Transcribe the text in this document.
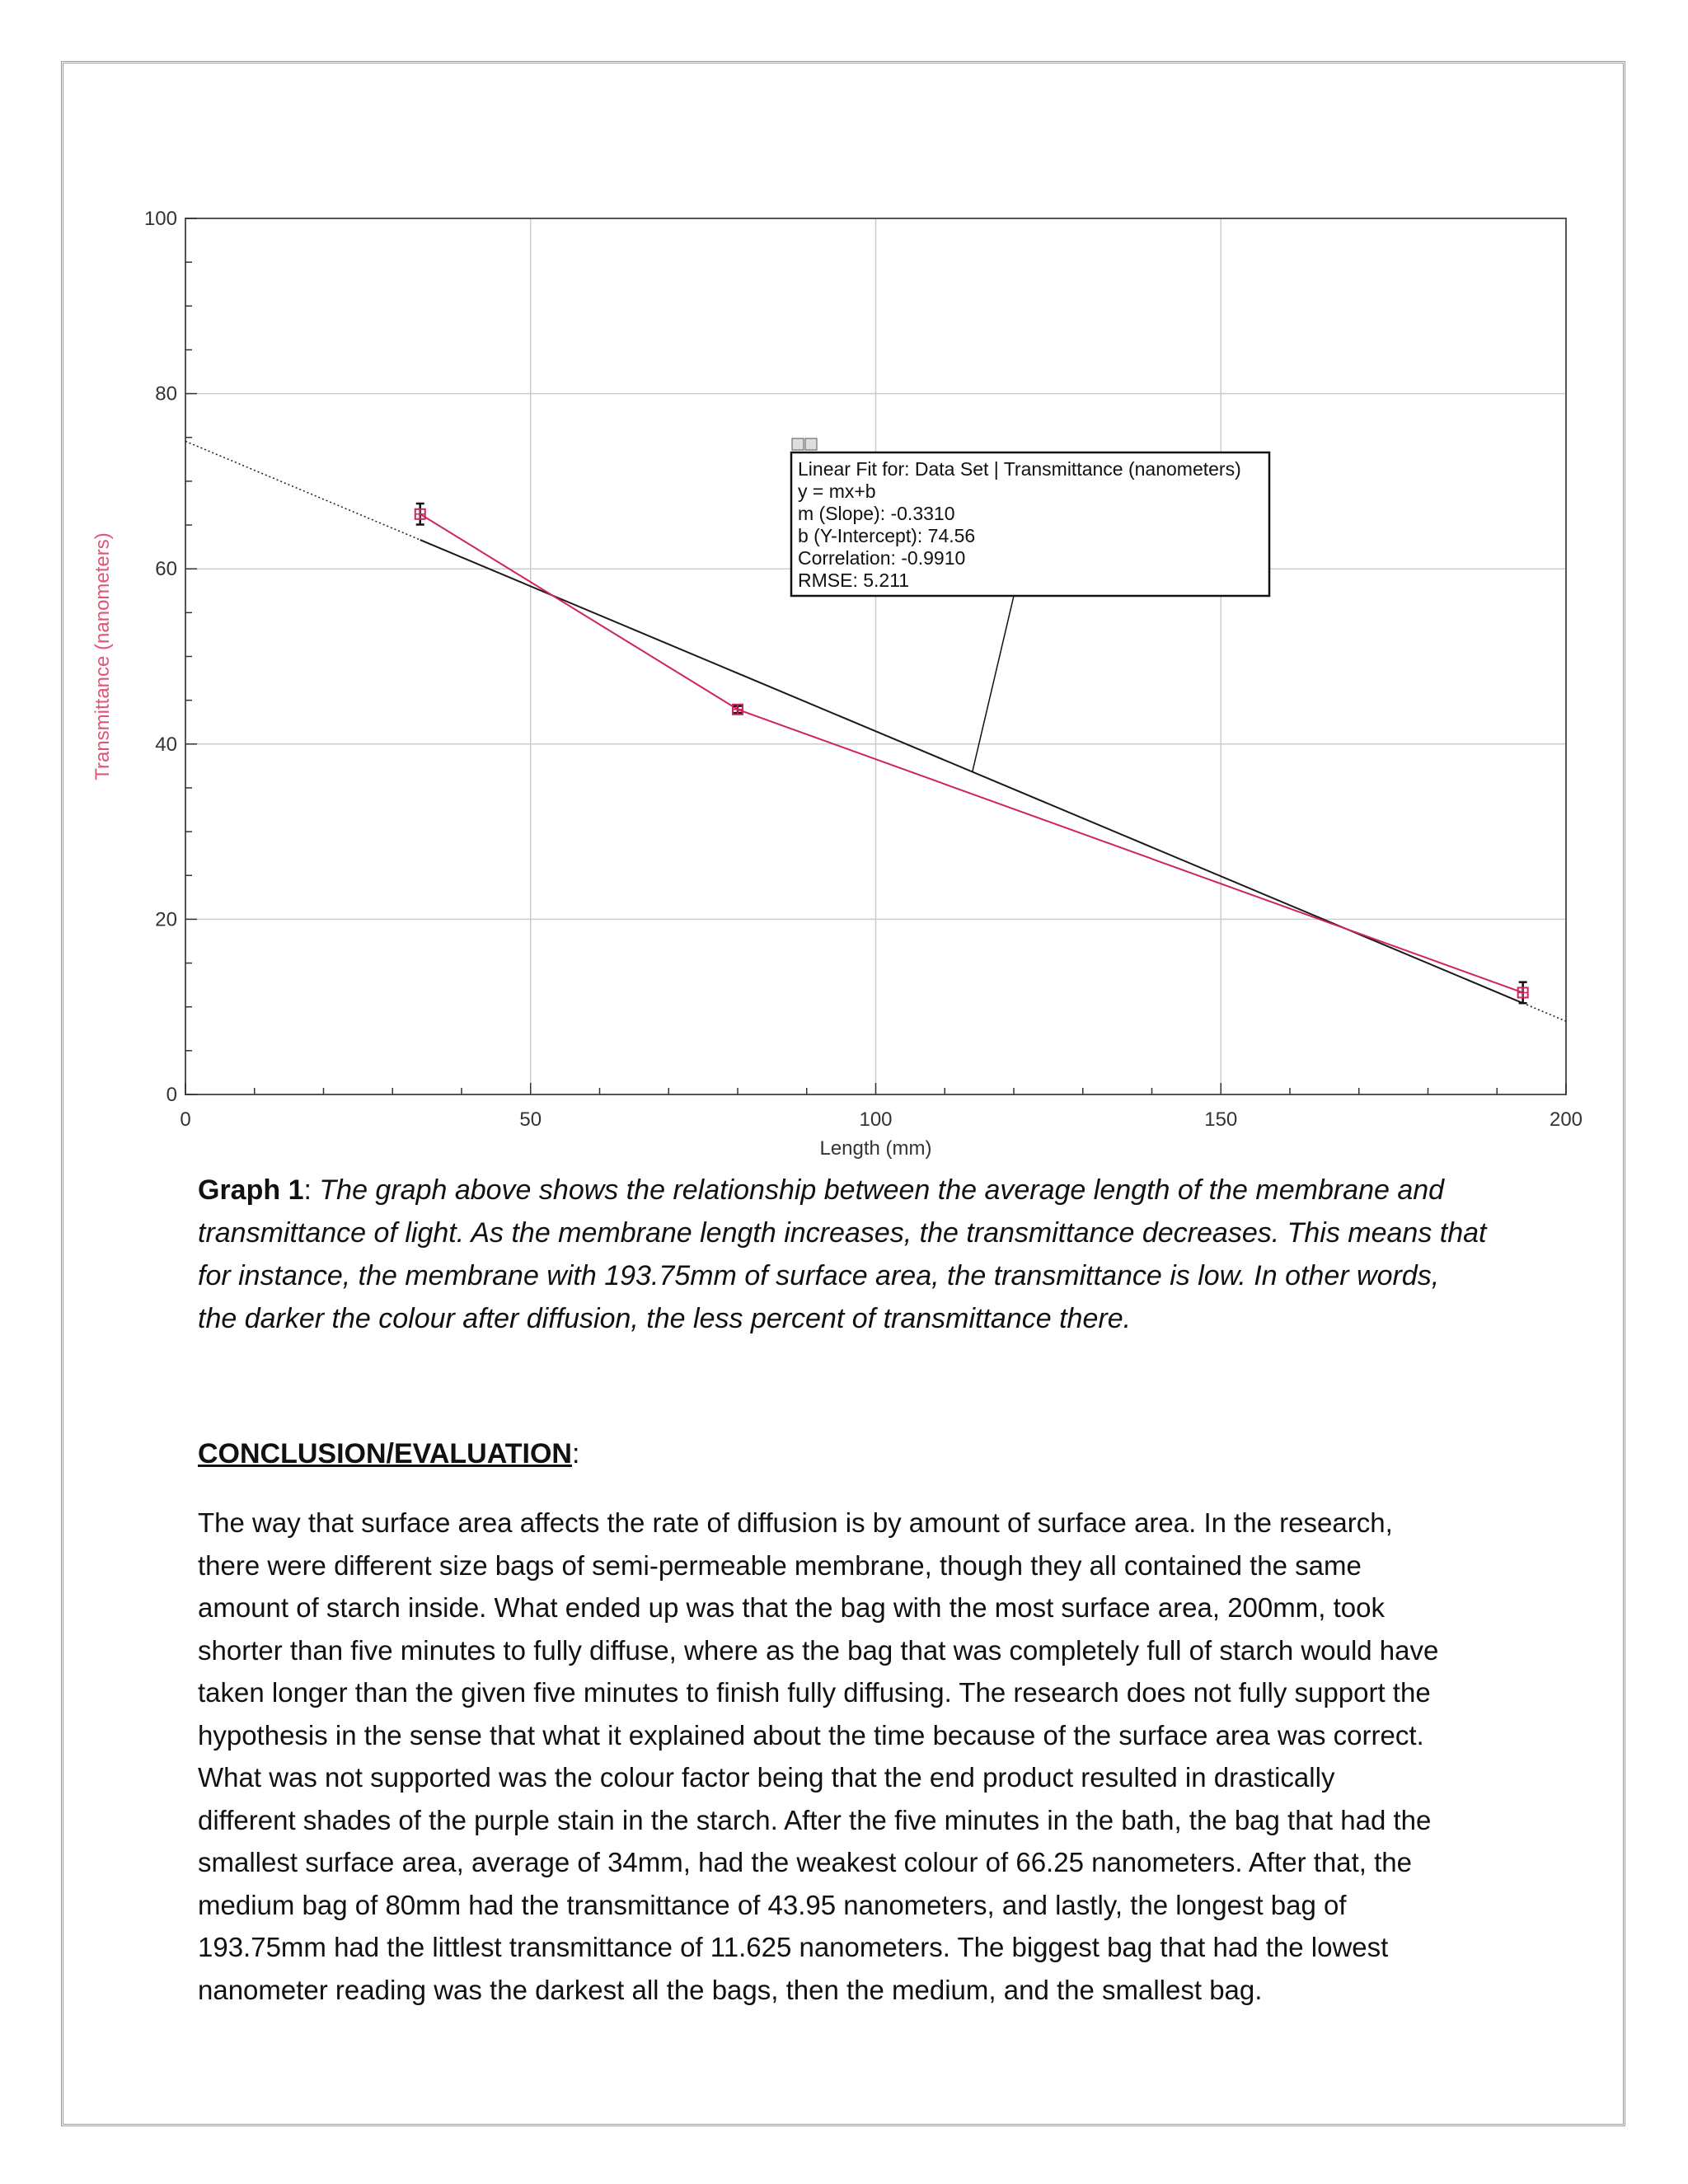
0	50	100	150	200
0
20
40
60
80
100
Length (mm)
Transmittance (nanometers)
Linear Fit for: Data Set | Transmittance (nanometers)
y = mx+b
m (Slope): -0.3310
b (Y-Intercept): 74.56
Correlation: -0.9910
RMSE: 5.211
Graph 1: The graph above shows the relationship between the average length of the membrane and
transmittance of light. As the membrane length increases, the transmittance decreases. This means that
for instance, the membrane with 193.75mm of surface area, the transmittance is low. In other words,
the darker the colour after diffusion, the less percent of transmittance there.
CONCLUSION/EVALUATION:

The way that surface area affects the rate of diffusion is by amount of surface area. In the research,

there were different size bags of semi-permeable membrane, though they all contained the same

amount of starch inside. What ended up was that the bag with the most surface area, 200mm, took

shorter than five minutes to fully diffuse, where as the bag that was completely full of starch would have

taken longer than the given five minutes to finish fully diffusing. The research does not fully support the

hypothesis in the sense that what it explained about the time because of the surface area was correct.

What was not supported was the colour factor being that the end product resulted in drastically

different shades of the purple stain in the starch. After the five minutes in the bath, the bag that had the

smallest surface area, average of 34mm, had the weakest colour of 66.25 nanometers. After that, the

medium bag of 80mm had the transmittance of 43.95 nanometers, and lastly, the longest bag of

193.75mm had the littlest transmittance of 11.625 nanometers. The biggest bag that had the lowest

nanometer reading was the darkest all the bags, then the medium, and the smallest bag.
